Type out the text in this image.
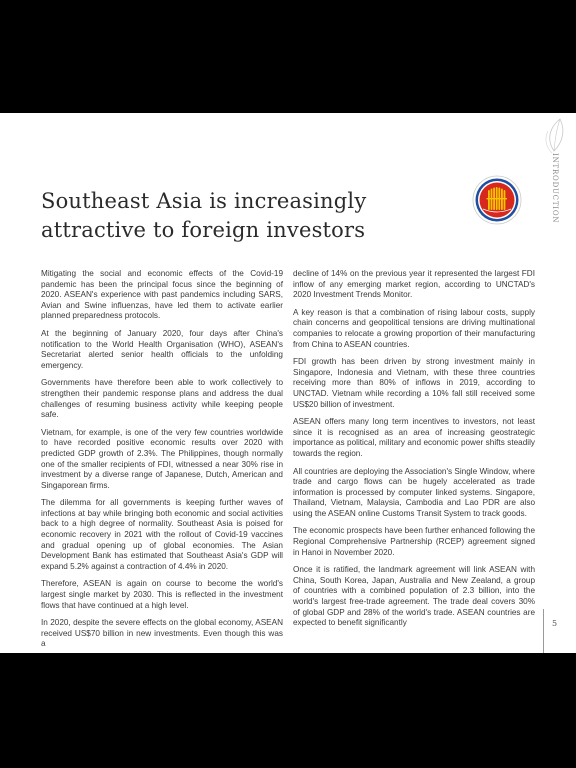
INTRODUCTION
Southeast Asia is increasingly attractive to foreign investors

Mitigating the social and economic effects of the Covid-19 pandemic has been the principal focus since the beginning of 2020. ASEAN's experience with past pandemics including SARS, Avian and Swine influenzas, have led them to activate earlier planned preparedness protocols.

At the beginning of January 2020, four days after China's notification to the World Health Organisation (WHO), ASEAN's Secretariat alerted senior health officials to the unfolding emergency.

Governments have therefore been able to work collectively to strengthen their pandemic response plans and address the dual challenges of resuming business activity while keeping people safe.

Vietnam, for example, is one of the very few countries worldwide to have recorded positive economic results over 2020 with predicted GDP growth of 2.3%. The Philippines, though normally one of the smaller recipients of FDI, witnessed a near 30% rise in investment by a diverse range of Japanese, Dutch, American and Singaporean firms.

The dilemma for all governments is keeping further waves of infections at bay while bringing both economic and social activities back to a high degree of normality. Southeast Asia is poised for economic recovery in 2021 with the rollout of Covid-19 vaccines and gradual opening up of global economies. The Asian Development Bank has estimated that Southeast Asia's GDP will expand 5.2% against a contraction of 4.4% in 2020.

Therefore, ASEAN is again on course to become the world's largest single market by 2030. This is reflected in the investment flows that have continued at a high level.

In 2020, despite the severe effects on the global economy, ASEAN received US$70 billion in new investments. Even though this was a

decline of 14% on the previous year it represented the largest FDI inflow of any emerging market region, according to UNCTAD's 2020 Investment Trends Monitor.

A key reason is that a combination of rising labour costs, supply chain concerns and geopolitical tensions are driving multinational companies to relocate a growing proportion of their manufacturing from China to ASEAN countries.

FDI growth has been driven by strong investment mainly in Singapore, Indonesia and Vietnam, with these three countries receiving more than 80% of inflows in 2019, according to UNCTAD. Vietnam while recording a 10% fall still received some US$20 billion of investment.

ASEAN offers many long term incentives to investors, not least since it is recognised as an area of increasing geostrategic importance as political, military and economic power shifts steadily towards the region.

All countries are deploying the Association's Single Window, where trade and cargo flows can be hugely accelerated as trade information is processed by computer linked systems. Singapore, Thailand, Vietnam, Malaysia, Cambodia and Lao PDR are also using the ASEAN online Customs Transit System to track goods.

The economic prospects have been further enhanced following the Regional Comprehensive Partnership (RCEP) agreement signed in Hanoi in November 2020.

Once it is ratified, the landmark agreement will link ASEAN with China, South Korea, Japan, Australia and New Zealand, a group of countries with a combined population of 2.3 billion, into the world's largest free-trade agreement. The trade deal covers 30% of global GDP and 28% of the world's trade. ASEAN countries are expected to benefit significantly	5
